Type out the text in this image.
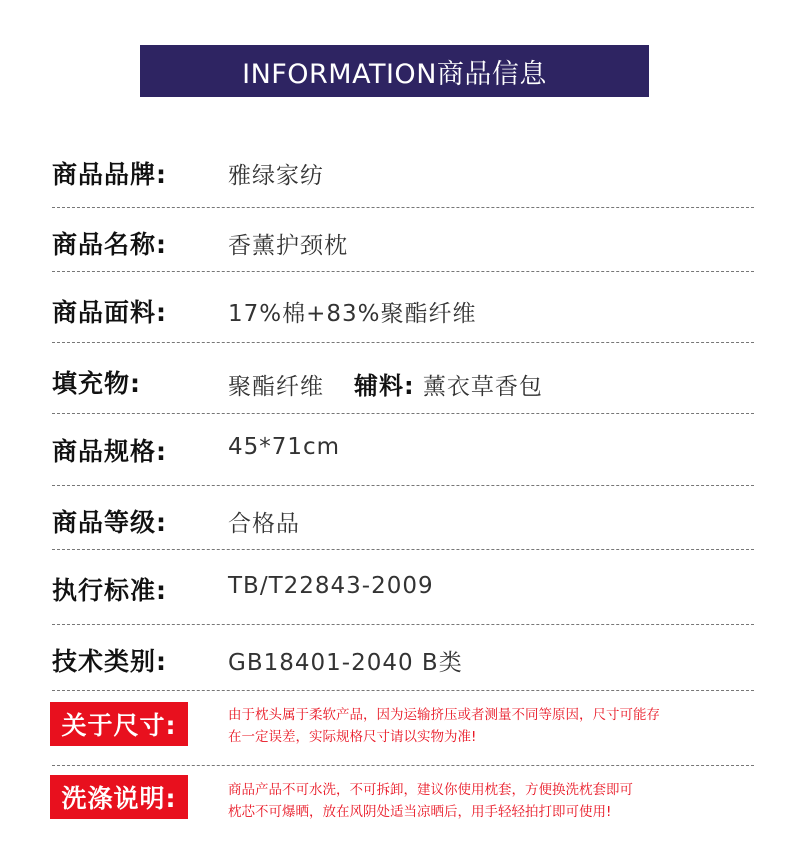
INFORMATION商品信息
商品品牌:	雅绿家纺
商品名称:	香薰护颈枕
商品面料:	17%棉+83%聚酯纤维
填充物:	聚酯纤维 辅料: 薰衣草香包
商品规格:	45*71cm
商品等级:	合格品
执行标准:	TB/T22843-2009
技术类别:	GB18401-2040 B类
关于尺寸:	由于枕头属于柔软产品，因为运输挤压或者测量不同等原因，尺寸可能存
在一定误差，实际规格尺寸请以实物为准!
洗涤说明:	商品产品不可水洗，不可拆卸，建议你使用枕套，方便换洗枕套即可
枕芯不可爆晒，放在风阴处适当凉晒后，用手轻轻拍打即可使用!
